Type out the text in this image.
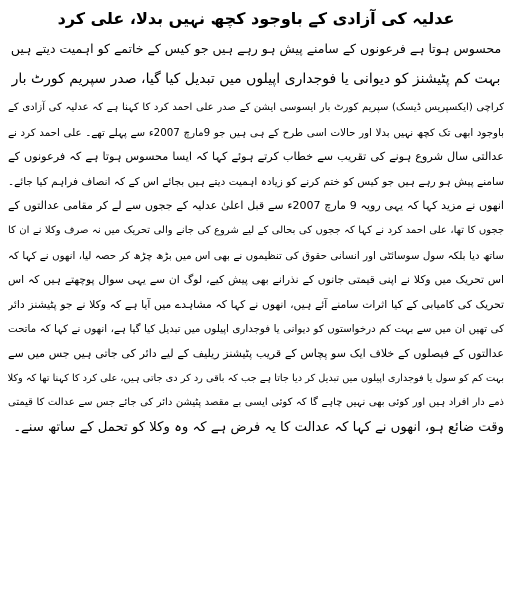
عدلیہ کی آزادی کے باوجود کچھ نہیں بدلا، علی کرد
محسوس ہوتا ہے فرعونوں کے سامنے پیش ہو رہے ہیں جو کیس کے خاتمے کو اہمیت دیتے ہیں
بہت کم پٹیشنز کو دیوانی یا فوجداری اپیلوں میں تبدیل کیا گیا، صدر سپریم کورٹ بار
کراچی (ایکسپریس ڈیسک) سپریم کورٹ بار ایسوسی ایشن کے صدر علی احمد کرد کا کہنا ہے کہ عدلیہ کی آزادی کے
باوجود ابھی تک کچھ نہیں بدلا اور حالات اسی طرح کے ہی ہیں جو 9مارچ 2007ء سے پہلے تھے۔ علی احمد کرد نے
عدالتی سال شروع ہونے کی تقریب سے خطاب کرتے ہوئے کہا کہ ایسا محسوس ہوتا ہے کہ فرعونوں کے
سامنے پیش ہو رہے ہیں جو کیس کو ختم کرنے کو زیادہ اہمیت دیتے ہیں بجائے اس کے کہ انصاف فراہم کیا جائے۔
انھوں نے مزید کہا کہ یہی رویہ 9 مارچ 2007ء سے قبل اعلیٰ عدلیہ کے ججوں سے لے کر مقامی عدالتوں کے
ججوں کا تھا، علی احمد کرد نے کہا کہ ججوں کی بحالی کے لیے شروع کی جانے والی تحریک میں نہ صرف وکلا نے ان کا
ساتھ دیا بلکہ سول سوسائٹی اور انسانی حقوق کی تنظیموں نے بھی اس میں بڑھ چڑھ کر حصہ لیا، انھوں نے کہا کہ
اس تحریک میں وکلا نے اپنی قیمتی جانوں کے نذرانے بھی پیش کیے، لوگ ان سے یہی سوال پوچھتے ہیں کہ اس
تحریک کی کامیابی کے کیا اثرات سامنے آئے ہیں، انھوں نے کہا کہ مشاہدے میں آیا ہے کہ وکلا نے جو پٹیشنز دائر
کی تھیں ان میں سے بہت کم درخواستوں کو دیوانی یا فوجداری اپیلوں میں تبدیل کیا گیا ہے، انھوں نے کہا کہ ماتحت
عدالتوں کے فیصلوں کے خلاف ایک سو پچاس کے قریب پٹیشنز ریلیف کے لیے دائر کی جاتی ہیں جس میں سے
بہت کم کو سول یا فوجداری اپیلوں میں تبدیل کر دیا جاتا ہے جب کہ باقی رد کر دی جاتی ہیں، علی کرد کا کہنا تھا کہ وکلا
ذمے دار افراد ہیں اور کوئی بھی نہیں چاہے گا کہ کوئی ایسی بے مقصد پٹیشن دائر کی جائے جس سے عدالت کا قیمتی
وقت ضائع ہو، انھوں نے کہا کہ عدالت کا یہ فرض ہے کہ وہ وکلا کو تحمل کے ساتھ سنے۔
